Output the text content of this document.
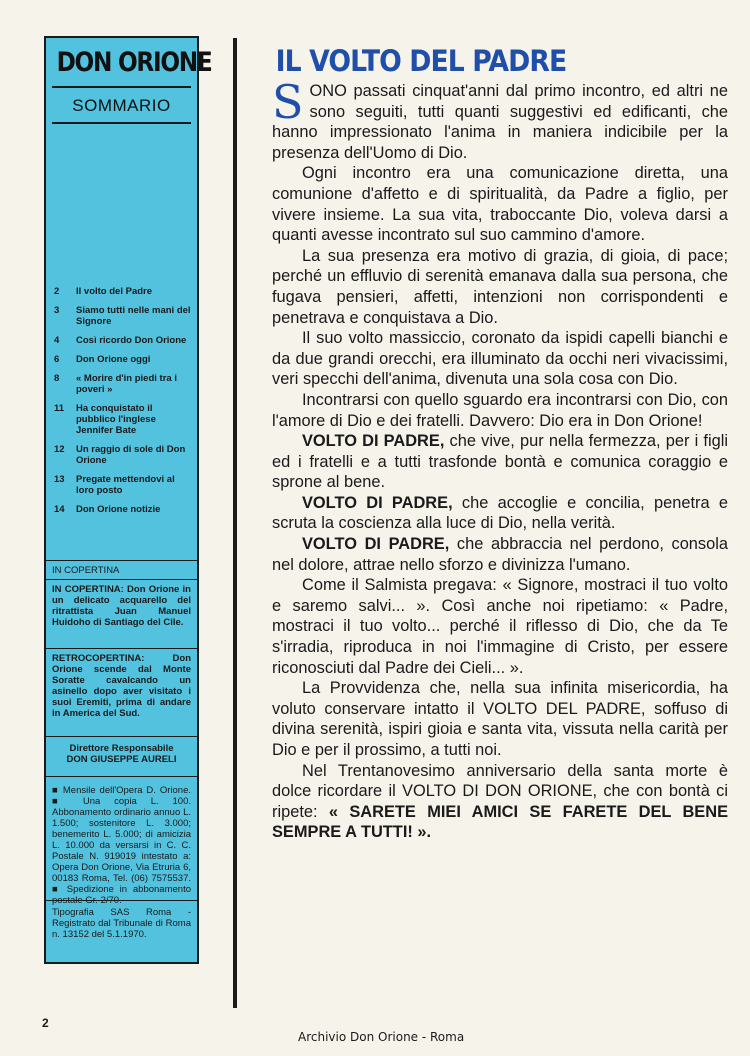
DON ORIONE
SOMMARIO
2	Il volto del Padre
3	Siamo tutti nelle mani del Signore
4	Così ricordo Don Orione
6	Don Orione oggi
8	« Morire d'in piedi tra i poveri »
11	Ha conquistato il pubblico l'inglese Jennifer Bate
12	Un raggio di sole di Don Orione
13	Pregate mettendovi al loro posto
14	Don Orione notizie
IN COPERTINA
IN COPERTINA: Don Orione in un delicato acquarello del ritrattista Juan Manuel Huidoho di Santiago del Cile.
RETROCOPERTINA: Don Orione scende dal Monte Soratte cavalcando un asinello dopo aver visitato i suoi Eremiti, prima di andare in America del Sud.
Direttore Responsabile
DON GIUSEPPE AURELI
■ Mensile dell'Opera D. Orione. ■ Una copia L. 100. Abbonamento ordinario annuo L. 1.500; sostenitore L. 3.000; benemerito L. 5.000; di amicizia L. 10.000 da versarsi in C. C. Postale N. 919019 intestato a: Opera Don Orione, Via Etruria 6, 00183 Roma, Tel. (06) 7575537. ■ Spedizione in abbonamento postale Gr. 2/70.
Tipografia SAS Roma - Registrato dal Tribunale di Roma n. 13152 del 5.1.1970.
IL VOLTO DEL PADRE

SONO passati cinquat'anni dal primo incontro, ed altri ne sono seguiti, tutti quanti suggestivi ed edificanti, che hanno impressionato l'anima in maniera indicibile per la presenza dell'Uomo di Dio.

Ogni incontro era una comunicazione diretta, una comunione d'affetto e di spiritualità, da Padre a figlio, per vivere insieme. La sua vita, traboccante Dio, voleva darsi a quanti avesse incontrato sul suo cammino d'amore.

La sua presenza era motivo di grazia, di gioia, di pace; perché un effluvio di serenità emanava dalla sua persona, che fugava pensieri, affetti, intenzioni non corrispondenti e penetrava e conquistava a Dio.

Il suo volto massiccio, coronato da ispidi capelli bianchi e da due grandi orecchi, era illuminato da occhi neri vivacissimi, veri specchi dell'anima, divenuta una sola cosa con Dio.

Incontrarsi con quello sguardo era incontrarsi con Dio, con l'amore di Dio e dei fratelli. Davvero: Dio era in Don Orione!

VOLTO DI PADRE, che vive, pur nella fermezza, per i figli ed i fratelli e a tutti trasfonde bontà e comunica coraggio e sprone al bene.

VOLTO DI PADRE, che accoglie e concilia, penetra e scruta la coscienza alla luce di Dio, nella verità.

VOLTO DI PADRE, che abbraccia nel perdono, consola nel dolore, attrae nello sforzo e divinizza l'umano.

Come il Salmista pregava: « Signore, mostraci il tuo volto e saremo salvi... ». Così anche noi ripetiamo: « Padre, mostraci il tuo volto... perché il riflesso di Dio, che da Te s'irradia, riproduca in noi l'immagine di Cristo, per essere riconosciuti dal Padre dei Cieli... ».

La Provvidenza che, nella sua infinita misericordia, ha voluto conservare intatto il VOLTO DEL PADRE, soffuso di divina serenità, ispiri gioia e santa vita, vissuta nella carità per Dio e per il prossimo, a tutti noi.

Nel Trentanovesimo anniversario della santa morte è dolce ricordare il VOLTO DI DON ORIONE, che con bontà ci ripete: « SARETE MIEI AMICI SE FARETE DEL BENE SEMPRE A TUTTI! ».

2
Archivio Don Orione - Roma
